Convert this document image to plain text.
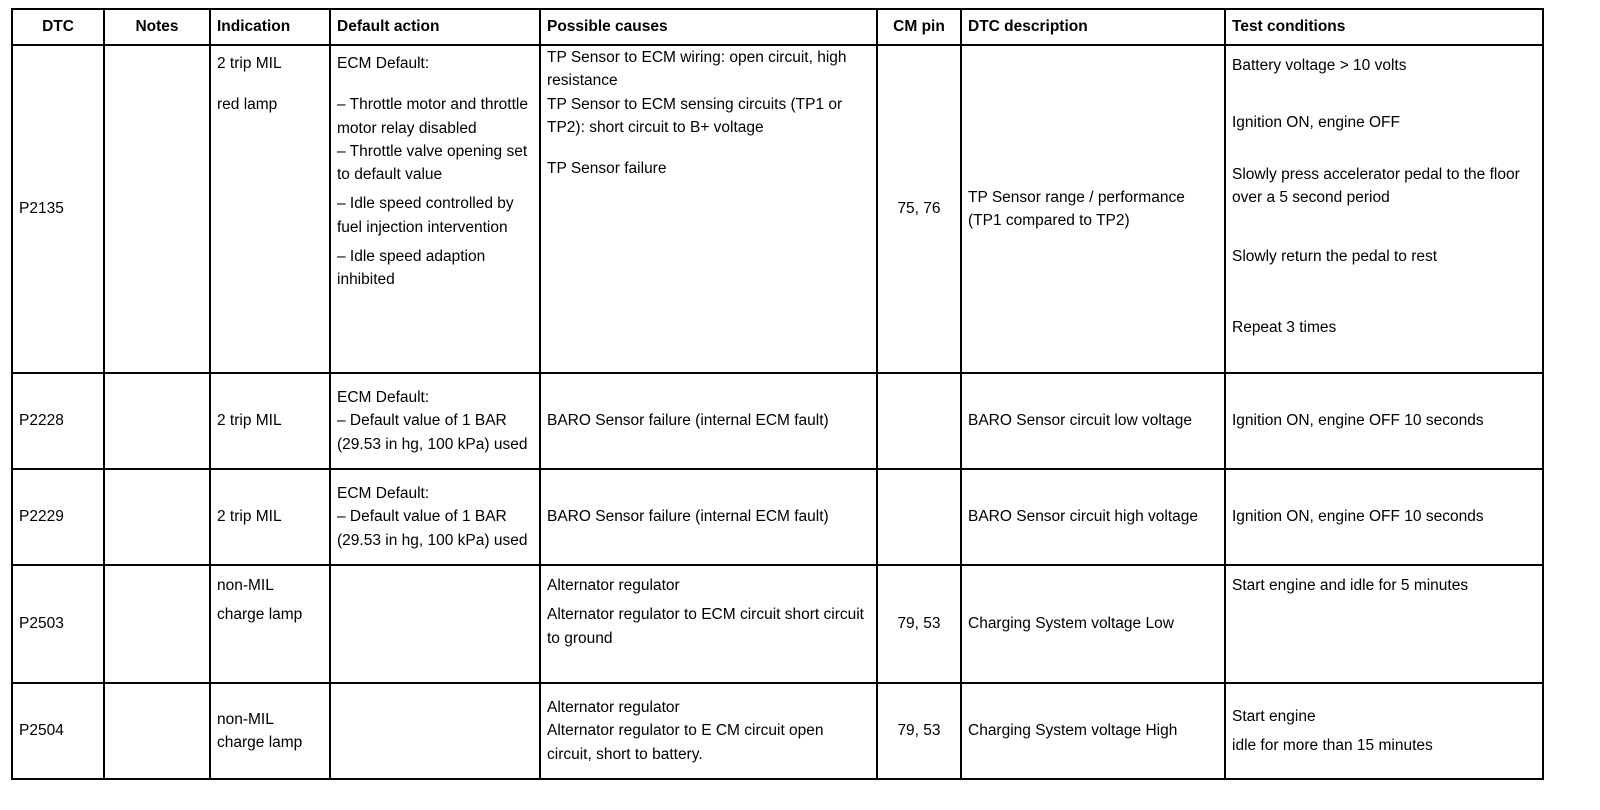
DTC	Notes	Indication	Default action	Possible causes	CM pin	DTC description	Test conditions
P2135		2 trip MIL
red lamp	ECM Default:
– Throttle motor and throttle motor relay disabled
– Throttle valve opening set to default value
– Idle speed controlled by fuel injection intervention
– Idle speed adaption inhibited	TP Sensor to ECM wiring: open circuit, high resistance
TP Sensor to ECM sensing circuits (TP1 or TP2): short circuit to B+ voltage
TP Sensor failure	75, 76	TP Sensor range / performance (TP1 compared to TP2)	Battery voltage > 10 volts
Ignition ON, engine OFF
Slowly press accelerator pedal to the floor over a 5 second period
Slowly return the pedal to rest
Repeat 3 times

P2228		2 trip MIL	ECM Default:
– Default value of 1 BAR (29.53 in hg, 100 kPa) used	BARO Sensor failure (internal ECM fault)		BARO Sensor circuit low voltage	Ignition ON, engine OFF 10 seconds

P2229		2 trip MIL	ECM Default:
– Default value of 1 BAR (29.53 in hg, 100 kPa) used	BARO Sensor failure (internal ECM fault)		BARO Sensor circuit high voltage	Ignition ON, engine OFF 10 seconds

P2503		non-MIL
charge lamp		Alternator regulator
Alternator regulator to ECM circuit short circuit to ground	79, 53	Charging System voltage Low	Start engine and idle for 5 minutes

P2504		non-MIL
charge lamp		Alternator regulator
Alternator regulator to E CM circuit open circuit, short to battery.	79, 53	Charging System voltage High	Start engine
idle for more than 15 minutes
